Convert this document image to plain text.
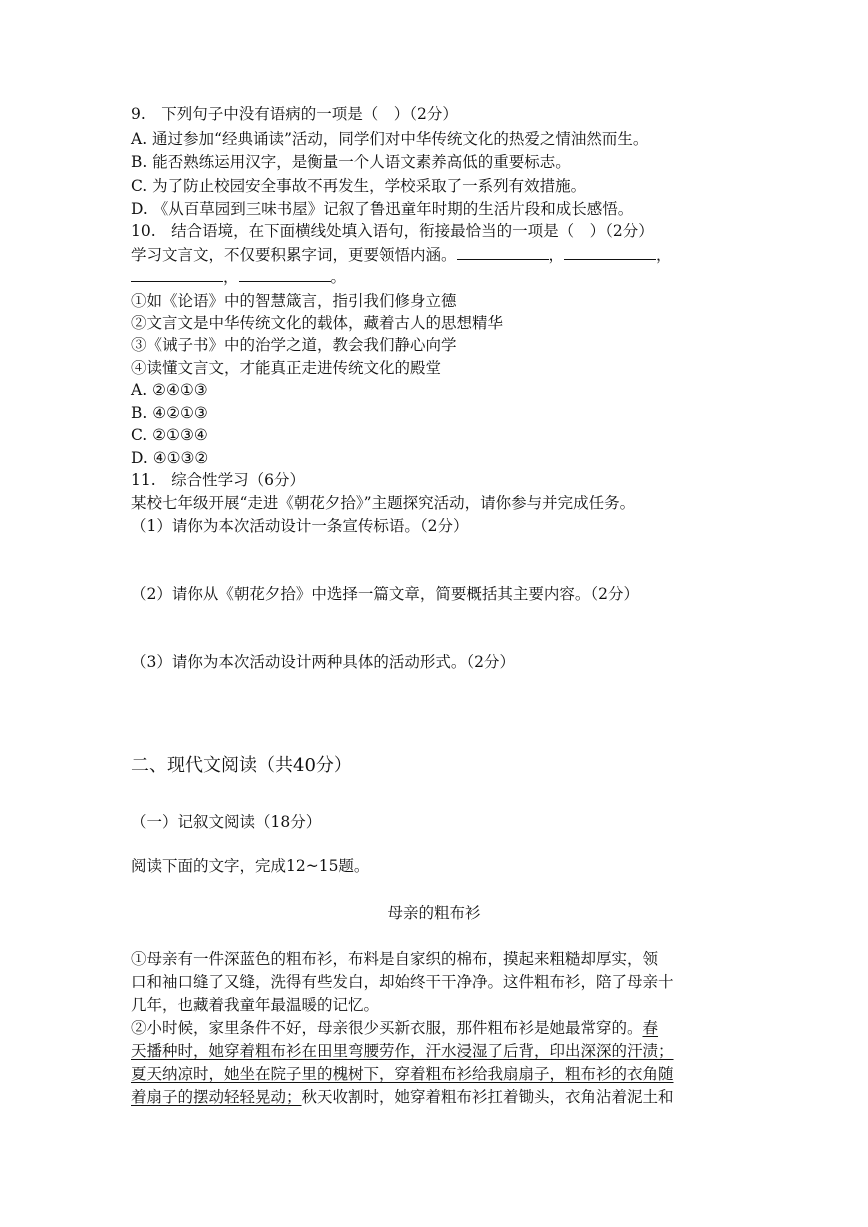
9.　下列句子中没有语病的一项是（　）（2分）
A. 通过参加“经典诵读”活动，同学们对中华传统文化的热爱之情油然而生。
B. 能否熟练运用汉字，是衡量一个人语文素养高低的重要标志。
C. 为了防止校园安全事故不再发生，学校采取了一系列有效措施。
D. 《从百草园到三味书屋》记叙了鲁迅童年时期的生活片段和成长感悟。
10.　结合语境，在下面横线处填入语句，衔接最恰当的一项是（　）（2分）
学习文言文，不仅要积累字词，更要领悟内涵。	，	，
，	。
①如《论语》中的智慧箴言，指引我们修身立德
②文言文是中华传统文化的载体，藏着古人的思想精华
③《诫子书》中的治学之道，教会我们静心向学
④读懂文言文，才能真正走进传统文化的殿堂
A. ②④①③
B. ④②①③
C. ②①③④
D. ④①③②
11.　综合性学习（6分）
某校七年级开展“走进《朝花夕拾》”主题探究活动，请你参与并完成任务。
（1）请你为本次活动设计一条宣传标语。（2分）
（2）请你从《朝花夕拾》中选择一篇文章，简要概括其主要内容。（2分）
（3）请你为本次活动设计两种具体的活动形式。（2分）
二、现代文阅读（共40分）
（一）记叙文阅读（18分）
阅读下面的文字，完成12~15题。
母亲的粗布衫
①母亲有一件深蓝色的粗布衫，布料是自家织的棉布，摸起来粗糙却厚实，领
口和袖口缝了又缝，洗得有些发白，却始终干干净净。这件粗布衫，陪了母亲十
几年，也藏着我童年最温暖的记忆。
②小时候，家里条件不好，母亲很少买新衣服，那件粗布衫是她最常穿的。春
天播种时，她穿着粗布衫在田里弯腰劳作，汗水浸湿了后背，印出深深的汗渍；
夏天纳凉时，她坐在院子里的槐树下，穿着粗布衫给我扇扇子，粗布衫的衣角随
着扇子的摆动轻轻晃动；秋天收割时，她穿着粗布衫扛着锄头，衣角沾着泥土和
